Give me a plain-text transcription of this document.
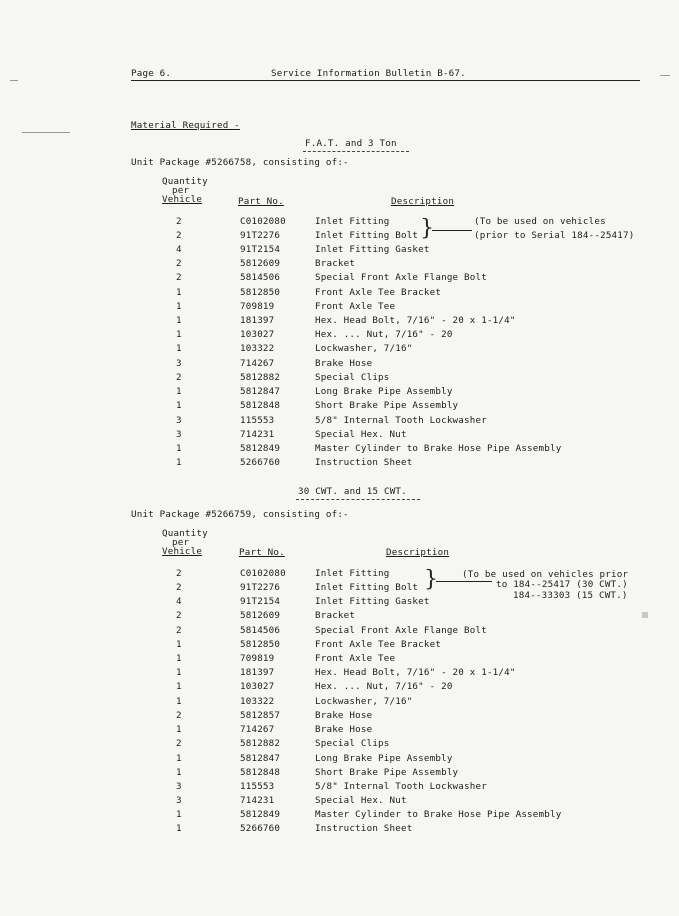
Page 6.	Service Information Bulletin B-67.
Material Required -
F.A.T. and 3 Ton
Unit Package #5266758, consisting of:-
Quantity
per
Vehicle	Part No.	Description
2	C0102080	Inlet Fitting
2	91T2276	Inlet Fitting Bolt
4	91T2154	Inlet Fitting Gasket
2	5812609	Bracket
2	5814506	Special Front Axle Flange Bolt
1	5812850	Front Axle Tee Bracket
1	709819	Front Axle Tee
1	181397	Hex. Head Bolt, 7/16" - 20 x 1-1/4"
1	103027	Hex. ... Nut, 7/16" - 20
1	103322	Lockwasher, 7/16"
3	714267	Brake Hose
2	5812882	Special Clips
1	5812847	Long Brake Pipe Assembly
1	5812848	Short Brake Pipe Assembly
3	115553	5/8" Internal Tooth Lockwasher
3	714231	Special Hex. Nut
1	5812849	Master Cylinder to Brake Hose Pipe Assembly
1	5266760	Instruction Sheet
}	(To be used on vehicles
(prior to Serial 184--25417)
30 CWT. and 15 CWT.
Unit Package #5266759, consisting of:-
Quantity
per
Vehicle	Part No.	Description
2	C0102080	Inlet Fitting
2	91T2276	Inlet Fitting Bolt
4	91T2154	Inlet Fitting Gasket
2	5812609	Bracket
2	5814506	Special Front Axle Flange Bolt
1	5812850	Front Axle Tee Bracket
1	709819	Front Axle Tee
1	181397	Hex. Head Bolt, 7/16" - 20 x 1-1/4"
1	103027	Hex. ... Nut, 7/16" - 20
1	103322	Lockwasher, 7/16"
2	5812857	Brake Hose
1	714267	Brake Hose
2	5812882	Special Clips
1	5812847	Long Brake Pipe Assembly
1	5812848	Short Brake Pipe Assembly
3	115553	5/8" Internal Tooth Lockwasher
3	714231	Special Hex. Nut
1	5812849	Master Cylinder to Brake Hose Pipe Assembly
1	5266760	Instruction Sheet
}	(To be used on vehicles prior
to 184--25417 (30 CWT.)
184--33303 (15 CWT.)
